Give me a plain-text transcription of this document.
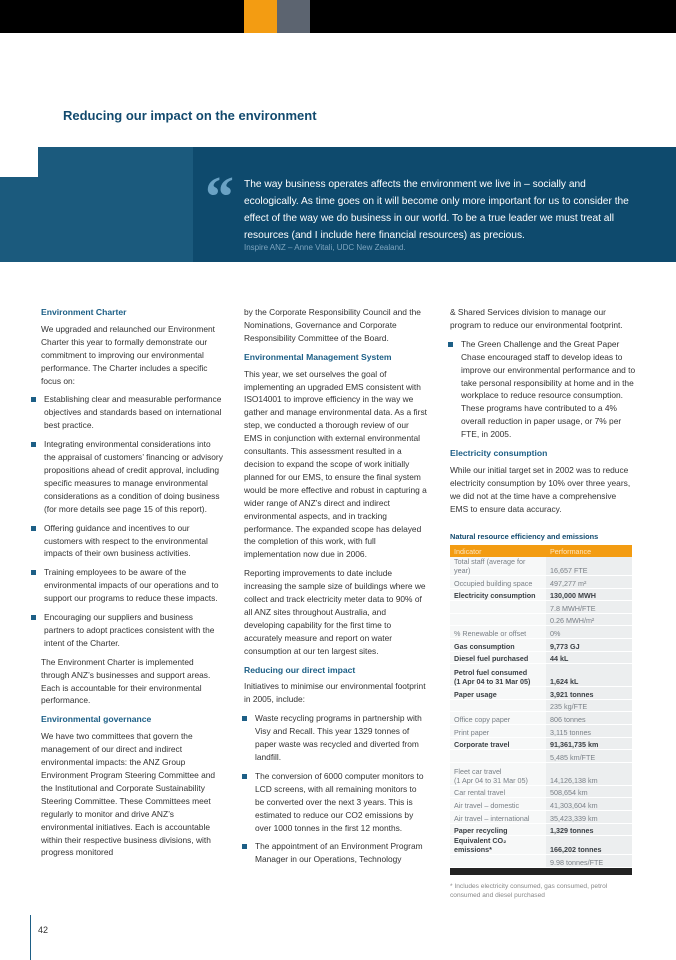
Reducing our impact on the environment
“ The way business operates affects the environment we live in – socially and ecologically. As time goes on it will become only more important for us to consider the effect of the way we do business in our world. To be a true leader we must treat all resources (and I include here financial resources) as precious.
Inspire ANZ – Anne Vitali, UDC New Zealand.
Environment Charter

We upgraded and relaunched our Environment Charter this year to formally demonstrate our commitment to improving our environmental performance. The Charter includes a specific focus on:

Establishing clear and measurable performance objectives and standards based on international best practice.
Integrating environmental considerations into the appraisal of customers’ financing or advisory propositions ahead of credit approval, including specific measures to manage environmental considerations as a condition of doing business (for more details see page 15 of this report).
Offering guidance and incentives to our customers with respect to the environmental impacts of their own business activities.
Training employees to be aware of the environmental impacts of our operations and to support our programs to reduce these impacts.
Encouraging our suppliers and business partners to adopt practices consistent with the intent of the Charter.

The Environment Charter is implemented through ANZ’s businesses and support areas. Each is accountable for their environmental performance.

Environmental governance

We have two committees that govern the management of our direct and indirect environmental impacts: the ANZ Group Environment Program Steering Committee and the Institutional and Corporate Sustainability Steering Committee. These Committees meet regularly to monitor and drive ANZ’s environmental initiatives. Each is accountable within their respective business divisions, with progress monitored

by the Corporate Responsibility Council and the Nominations, Governance and Corporate Responsibility Committee of the Board.

Environmental Management System

This year, we set ourselves the goal of implementing an upgraded EMS consistent with ISO14001 to improve efficiency in the way we gather and manage environmental data. As a first step, we conducted a thorough review of our EMS in conjunction with external environmental consultants. This assessment resulted in a decision to expand the scope of work initially planned for our EMS, to ensure the final system would be more effective and robust in capturing a wider range of ANZ’s direct and indirect environmental aspects, and in tracking performance. The expanded scope has delayed the completion of this work, with full implementation now due in 2006.

Reporting improvements to date include increasing the sample size of buildings where we collect and track electricity meter data to 90% of all ANZ sites throughout Australia, and developing capability for the first time to accurately measure and report on water consumption at our ten largest sites.

Reducing our direct impact

Initiatives to minimise our environmental footprint in 2005, include:

Waste recycling programs in partnership with Visy and Recall. This year 1329 tonnes of paper waste was recycled and diverted from landfill.
The conversion of 6000 computer monitors to LCD screens, with all remaining monitors to be converted over the next 3 years. This is estimated to reduce our CO2 emissions by over 1000 tonnes in the first 12 months.
The appointment of an Environment Program Manager in our Operations, Technology

& Shared Services division to manage our program to reduce our environmental footprint.

The Green Challenge and the Great Paper Chase encouraged staff to develop ideas to improve our environmental performance and to take personal responsibility at home and in the workplace to reduce resource consumption. These programs have contributed to a 4% overall reduction in paper usage, or 7% per FTE, in 2005.
Electricity consumption

While our initial target set in 2002 was to reduce electricity consumption by 10% over three years, we did not at the time have a comprehensive EMS to ensure data accuracy.

Natural resource efficiency and emissions
Indicator	Performance
Total staff (average for year)	16,657 FTE
Occupied building space	497,277 m²
Electricity consumption	130,000 MWH
	7.8 MWH/FTE
	0.26 MWH/m²
% Renewable or offset	0%
Gas consumption	9,773 GJ
Diesel fuel purchased	44 kL
Petrol fuel consumed
(1 Apr 04 to 31 Mar 05)	1,624 kL
Paper usage	3,921 tonnes
	235 kg/FTE
Office copy paper	806 tonnes
Print paper	3,115 tonnes
Corporate travel	91,361,735 km
	5,485 km/FTE
Fleet car travel
(1 Apr 04 to 31 Mar 05)	14,126,138 km
Car rental travel	508,654 km
Air travel – domestic	41,303,604 km
Air travel – international	35,423,339 km
Paper recycling	1,329 tonnes
Equivalent CO₂ emissions*	166,202 tonnes
	9.98 tonnes/FTE

* Includes electricity consumed, gas consumed, petrol consumed and diesel purchased
42
